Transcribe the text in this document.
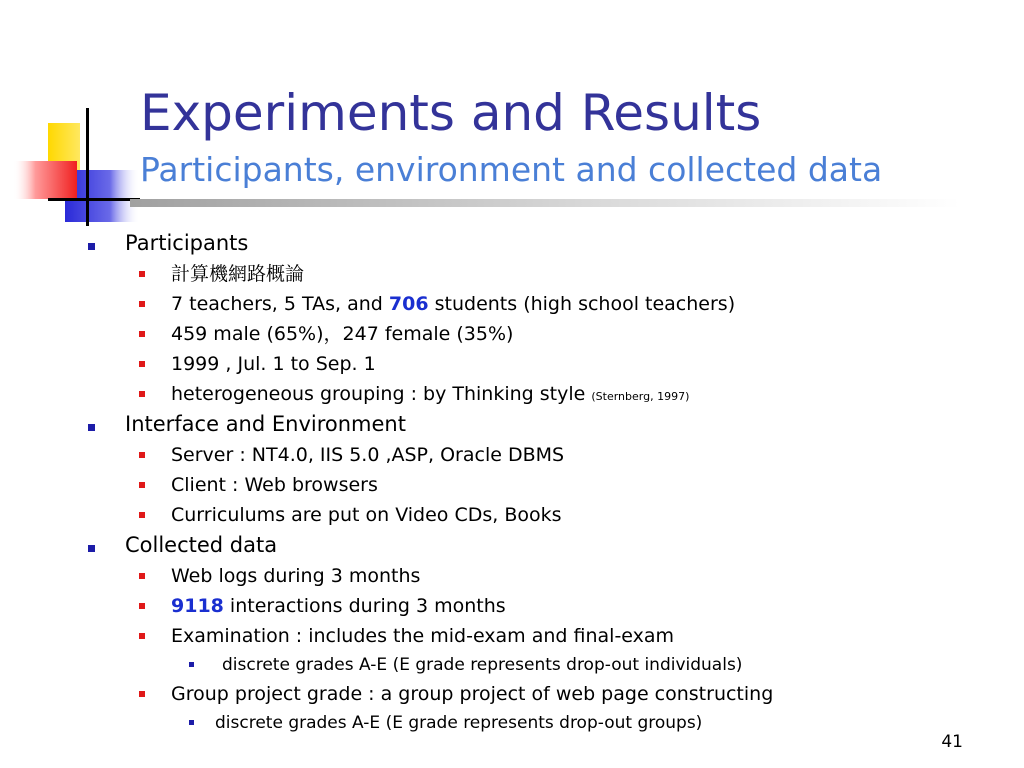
Experiments and Results
Participants, environment and collected data
Participants
計算機網路概論
7 teachers, 5 TAs, and 706 students (high school teachers)
459 male (65%)，247 female (35%)
1999 , Jul. 1 to Sep. 1
heterogeneous grouping : by Thinking style (Sternberg, 1997)
Interface and Environment
Server : NT4.0, IIS 5.0 ,ASP, Oracle DBMS
Client : Web browsers
Curriculums are put on Video CDs, Books
Collected data
Web logs during 3 months
9118 interactions during 3 months
Examination : includes the mid-exam and final-exam
discrete grades A-E (E grade represents drop-out individuals)
Group project grade : a group project of web page constructing
discrete grades A-E (E grade represents drop-out groups)
41
